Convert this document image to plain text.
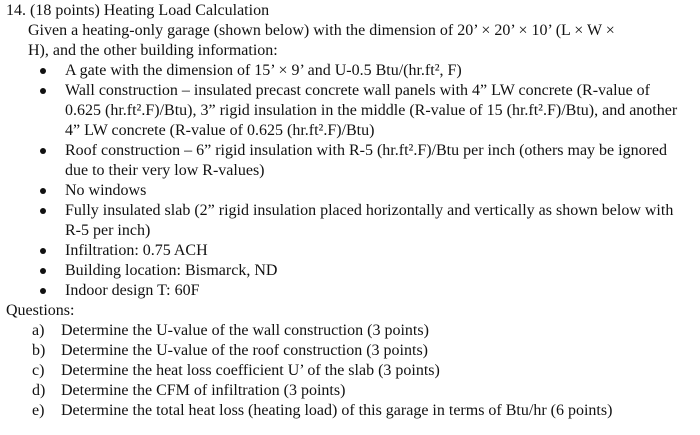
14. (18 points) Heating Load Calculation
Given a heating-only garage (shown below) with the dimension of 20’ × 20’ × 10’ (L × W ×
H), and the other building information:
A gate with the dimension of 15’ × 9’ and U-0.5 Btu/(hr.ft², F)
Wall construction – insulated precast concrete wall panels with 4” LW concrete (R-value of 0.625 (hr.ft².F)/Btu), 3” rigid insulation in the middle (R-value of 15 (hr.ft².F)/Btu), and another 4” LW concrete (R-value of 0.625 (hr.ft².F)/Btu)
Roof construction – 6” rigid insulation with R-5 (hr.ft².F)/Btu per inch (others may be ignored due to their very low R-values)
No windows
Fully insulated slab (2” rigid insulation placed horizontally and vertically as shown below with R-5 per inch)
Infiltration: 0.75 ACH
Building location: Bismarck, ND
Indoor design T: 60F
Questions:
a) Determine the U-value of the wall construction (3 points)
b) Determine the U-value of the roof construction (3 points)
c) Determine the heat loss coefficient U’ of the slab (3 points)
d) Determine the CFM of infiltration (3 points)
e) Determine the total heat loss (heating load) of this garage in terms of Btu/hr (6 points)
